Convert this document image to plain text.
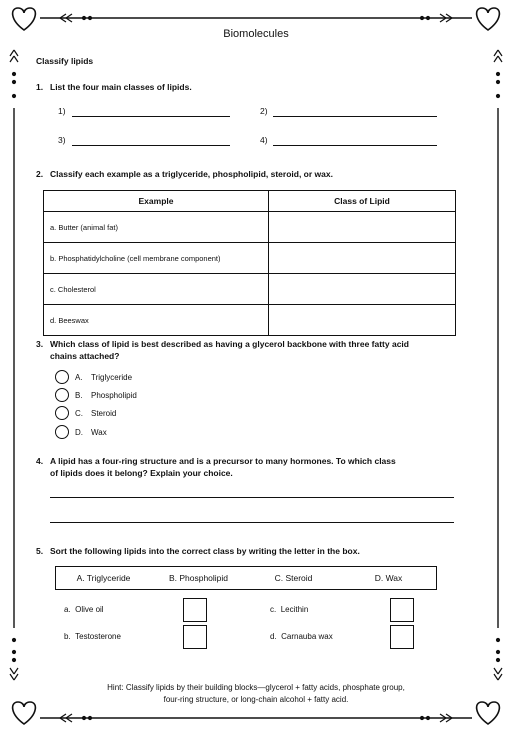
Biomolecules
Classify lipids
1. List the four main classes of lipids.
1)	2)
3)	4)
2. Classify each example as a triglyceride, phospholipid, steroid, or wax.
Example	Class of Lipid
a. Butter (animal fat)	
b. Phosphatidylcholine (cell membrane component)	
c. Cholesterol	
d. Beeswax	
3. Which class of lipid is best described as having a glycerol backbone with three fatty acid
chains attached?
A.	Triglyceride
B.	Phospholipid
C.	Steroid
D.	Wax
4. A lipid has a four-ring structure and is a precursor to many hormones. To which class
of lipids does it belong? Explain your choice.
5. Sort the following lipids into the correct class by writing the letter in the box.
A. Triglyceride	B. Phospholipid	C. Steroid	D. Wax
a. Olive oil	c. Lecithin
b. Testosterone	d. Carnauba wax
Hint: Classify lipids by their building blocks—glycerol + fatty acids, phosphate group,
four-ring structure, or long-chain alcohol + fatty acid.
